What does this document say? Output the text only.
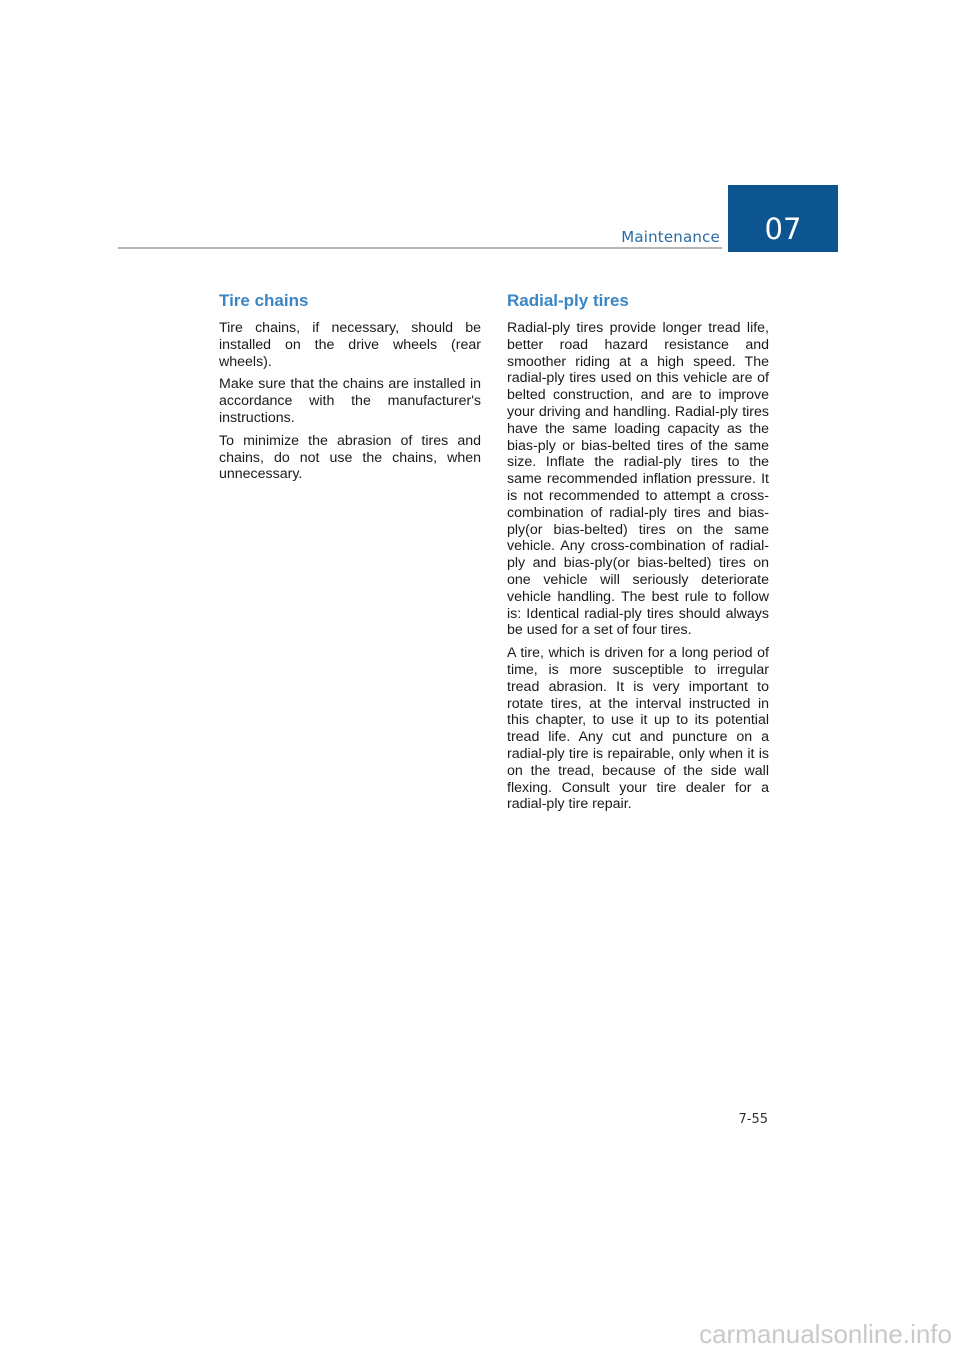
Maintenance 07
Tire chains

Tire chains, if necessary, should be installed on the drive wheels (rear wheels).

Make sure that the chains are installed in accordance with the manufacturer's instructions.

To minimize the abrasion of tires and chains, do not use the chains, when unnecessary.

Radial-ply tires

Radial-ply tires provide longer tread life, better road hazard resistance and smoother riding at a high speed. The radial-ply tires used on this vehicle are of belted construction, and are to improve your driving and handling. Radial-ply tires have the same loading capacity as the bias-ply or bias-belted tires of the same size. Inflate the radial-ply tires to the same recommended inflation pressure. It is not recommended to attempt a cross-combination of radial-ply tires and bias-ply(or bias-belted) tires on the same vehicle. Any cross-combination of radial-ply and bias-ply(or bias-belted) tires on one vehicle will seriously deteriorate vehicle handling. The best rule to follow is: Identical radial-ply tires should always be used for a set of four tires.

A tire, which is driven for a long period of time, is more susceptible to irregular tread abrasion. It is very important to rotate tires, at the interval instructed in this chapter, to use it up to its potential tread life. Any cut and puncture on a radial-ply tire is repairable, only when it is on the tread, because of the side wall flexing. Consult your tire dealer for a radial-ply tire repair.

7-55
carmanualsonline.info
